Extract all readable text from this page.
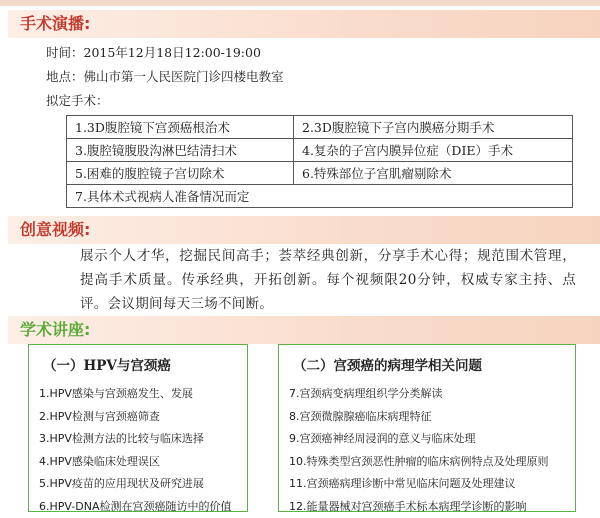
手术演播:
时间：2015年12月18日12:00-19:00
地点：佛山市第一人民医院门诊四楼电教室
拟定手术：
1.3D腹腔镜下宫颈癌根治术	2.3D腹腔镜下子宫内膜癌分期手术
3.腹腔镜腹股沟淋巴结清扫术	4.复杂的子宫内膜异位症（DIE）手术
5.困难的腹腔镜子宫切除术	6.特殊部位子宫肌瘤剔除术
7.具体术式视病人准备情况而定	
创意视频:
展示个人才华，挖掘民间高手；荟萃经典创新，分享手术心得；规范围术管理，提高手术质量。传承经典，开拓创新。每个视频限20分钟，权威专家主持、点评。会议期间每天三场不间断。
学术讲座:
（一）HPV与宫颈癌
1.HPV感染与宫颈癌发生、发展
2.HPV检测与宫颈癌筛查
3.HPV检测方法的比较与临床选择
4.HPV感染临床处理误区
5.HPV疫苗的应用现状及研究进展
6.HPV-DNA检测在宫颈癌随访中的价值
（二）宫颈癌的病理学相关问题
7.宫颈病变病理组织学分类解读
8.宫颈微腺腺癌临床病理特征
9.宫颈癌神经周浸润的意义与临床处理
10.特殊类型宫颈恶性肿瘤的临床病例特点及处理原则
11.宫颈癌病理诊断中常见临床问题及处理建议
12.能量器械对宫颈癌手术标本病理学诊断的影响
